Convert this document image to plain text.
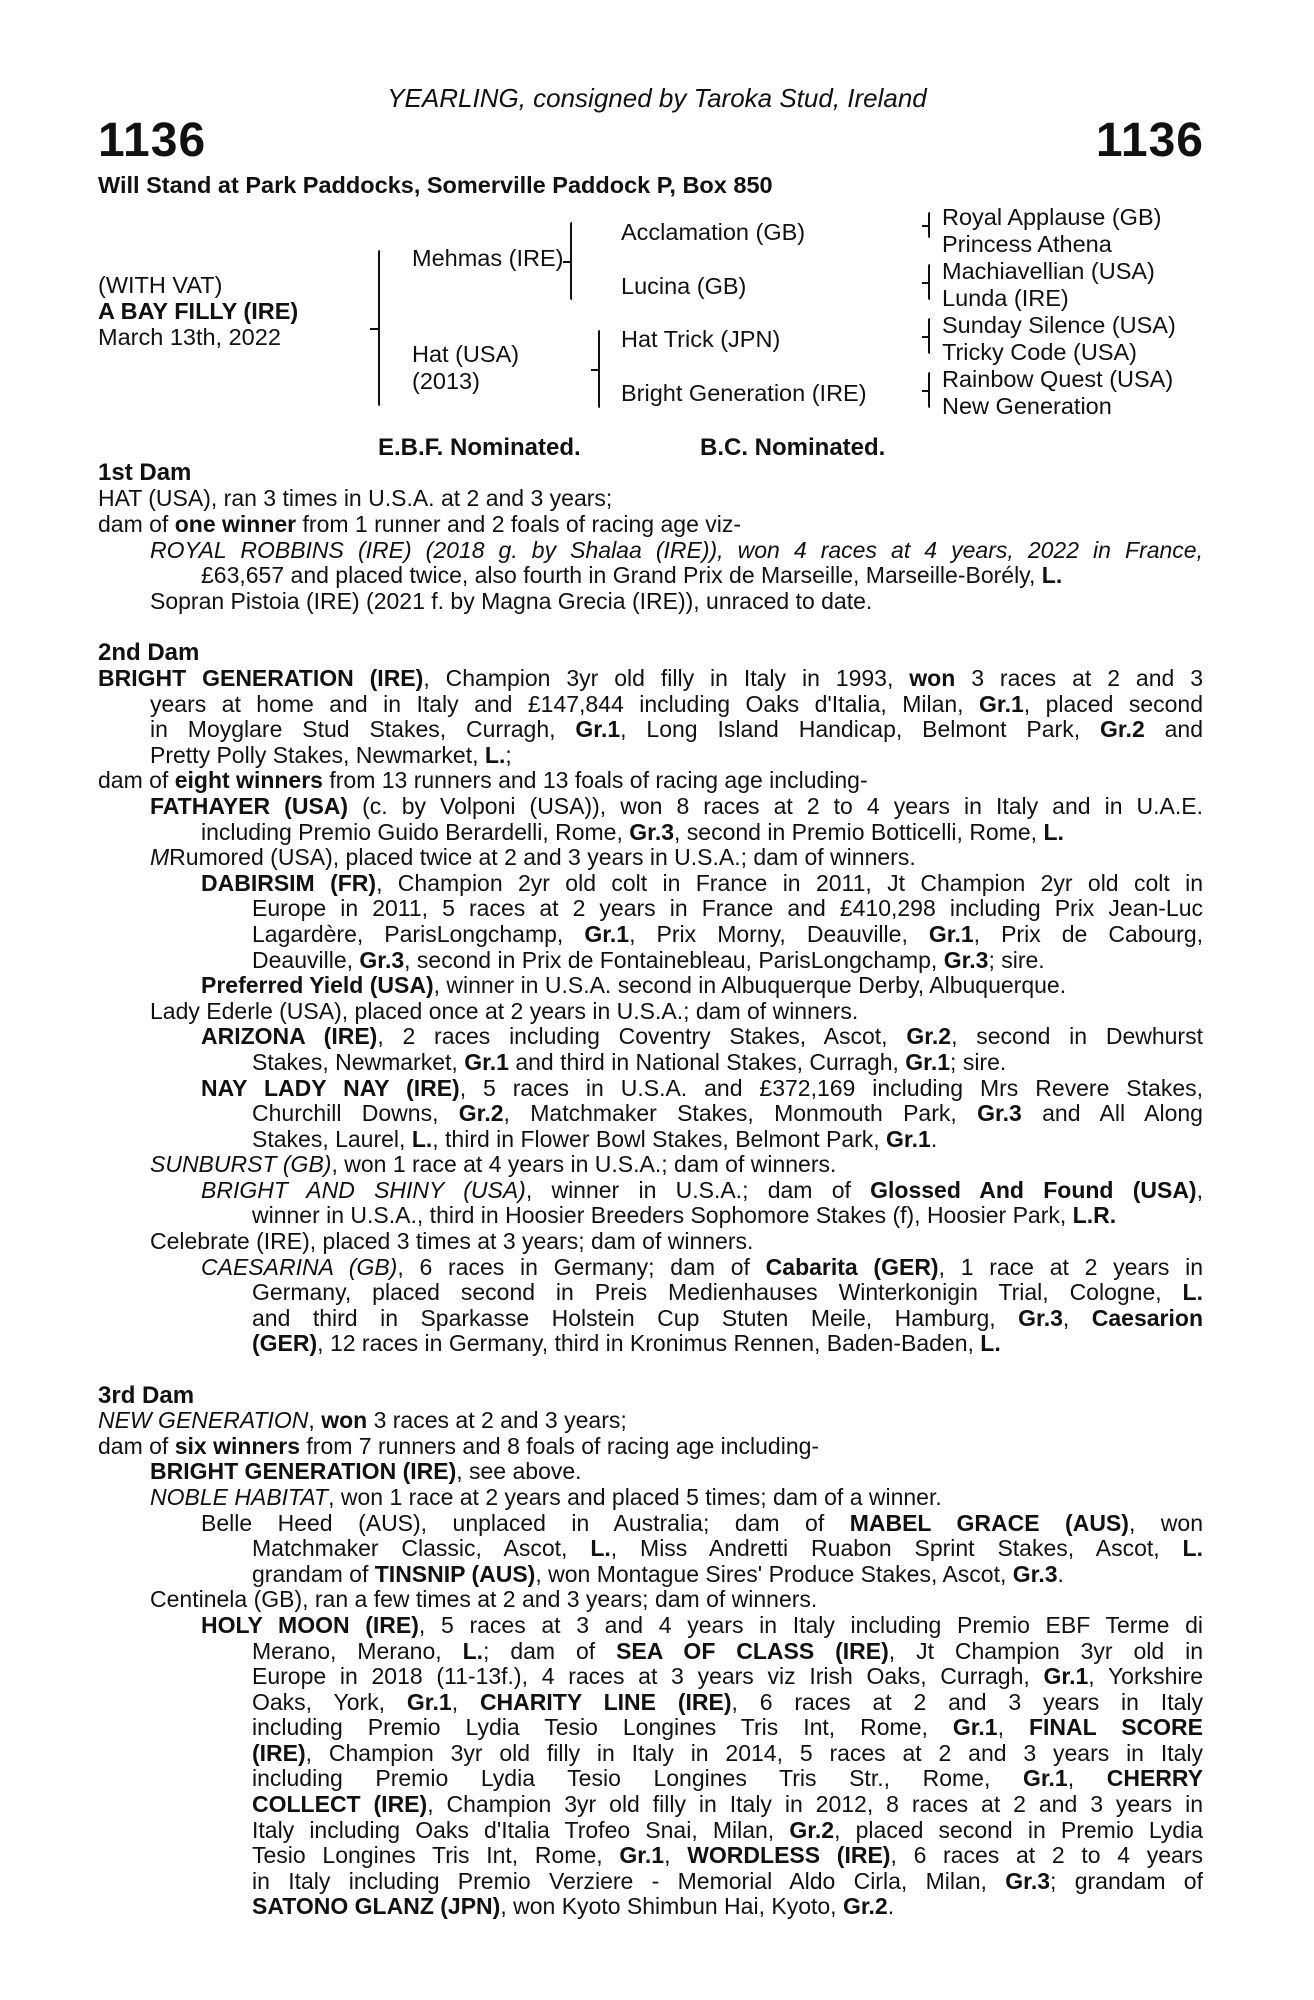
YEARLING, consigned by Taroka Stud, Ireland
1136	1136
Will Stand at Park Paddocks, Somerville Paddock P, Box 850
(WITH VAT)
A BAY FILLY (IRE)
March 13th, 2022
Mehmas (IRE)
Hat (USA)
(2013)
Acclamation (GB)
Lucina (GB)
Hat Trick (JPN)
Bright Generation (IRE)
Royal Applause (GB)
Princess Athena
Machiavellian (USA)
Lunda (IRE)
Sunday Silence (USA)
Tricky Code (USA)
Rainbow Quest (USA)
New Generation
E.B.F. Nominated.	B.C. Nominated.
1st Dam
HAT (USA), ran 3 times in U.S.A. at 2 and 3 years;
dam of one winner from 1 runner and 2 foals of racing age viz-
ROYAL ROBBINS (IRE) (2018 g. by Shalaa (IRE)), won 4 races at 4 years, 2022 in France,
£63,657 and placed twice, also fourth in Grand Prix de Marseille, Marseille-Borély, L.
Sopran Pistoia (IRE) (2021 f. by Magna Grecia (IRE)), unraced to date.
2nd Dam
BRIGHT GENERATION (IRE), Champion 3yr old filly in Italy in 1993, won 3 races at 2 and 3
years at home and in Italy and £147,844 including Oaks d'Italia, Milan, Gr.1, placed second
in Moyglare Stud Stakes, Curragh, Gr.1, Long Island Handicap, Belmont Park, Gr.2 and
Pretty Polly Stakes, Newmarket, L.;
dam of eight winners from 13 runners and 13 foals of racing age including-
FATHAYER (USA) (c. by Volponi (USA)), won 8 races at 2 to 4 years in Italy and in U.A.E.
including Premio Guido Berardelli, Rome, Gr.3, second in Premio Botticelli, Rome, L.
MRumored (USA), placed twice at 2 and 3 years in U.S.A.; dam of winners.
DABIRSIM (FR), Champion 2yr old colt in France in 2011, Jt Champion 2yr old colt in
Europe in 2011, 5 races at 2 years in France and £410,298 including Prix Jean-Luc
Lagardère, ParisLongchamp, Gr.1, Prix Morny, Deauville, Gr.1, Prix de Cabourg,
Deauville, Gr.3, second in Prix de Fontainebleau, ParisLongchamp, Gr.3; sire.
Preferred Yield (USA), winner in U.S.A. second in Albuquerque Derby, Albuquerque.
Lady Ederle (USA), placed once at 2 years in U.S.A.; dam of winners.
ARIZONA (IRE), 2 races including Coventry Stakes, Ascot, Gr.2, second in Dewhurst
Stakes, Newmarket, Gr.1 and third in National Stakes, Curragh, Gr.1; sire.
NAY LADY NAY (IRE), 5 races in U.S.A. and £372,169 including Mrs Revere Stakes,
Churchill Downs, Gr.2, Matchmaker Stakes, Monmouth Park, Gr.3 and All Along
Stakes, Laurel, L., third in Flower Bowl Stakes, Belmont Park, Gr.1.
SUNBURST (GB), won 1 race at 4 years in U.S.A.; dam of winners.
BRIGHT AND SHINY (USA), winner in U.S.A.; dam of Glossed And Found (USA),
winner in U.S.A., third in Hoosier Breeders Sophomore Stakes (f), Hoosier Park, L.R.
Celebrate (IRE), placed 3 times at 3 years; dam of winners.
CAESARINA (GB), 6 races in Germany; dam of Cabarita (GER), 1 race at 2 years in
Germany, placed second in Preis Medienhauses Winterkonigin Trial, Cologne, L.
and third in Sparkasse Holstein Cup Stuten Meile, Hamburg, Gr.3, Caesarion
(GER), 12 races in Germany, third in Kronimus Rennen, Baden-Baden, L.
3rd Dam
NEW GENERATION, won 3 races at 2 and 3 years;
dam of six winners from 7 runners and 8 foals of racing age including-
BRIGHT GENERATION (IRE), see above.
NOBLE HABITAT, won 1 race at 2 years and placed 5 times; dam of a winner.
Belle Heed (AUS), unplaced in Australia; dam of MABEL GRACE (AUS), won
Matchmaker Classic, Ascot, L., Miss Andretti Ruabon Sprint Stakes, Ascot, L.
grandam of TINSNIP (AUS), won Montague Sires' Produce Stakes, Ascot, Gr.3.
Centinela (GB), ran a few times at 2 and 3 years; dam of winners.
HOLY MOON (IRE), 5 races at 3 and 4 years in Italy including Premio EBF Terme di
Merano, Merano, L.; dam of SEA OF CLASS (IRE), Jt Champion 3yr old in
Europe in 2018 (11-13f.), 4 races at 3 years viz Irish Oaks, Curragh, Gr.1, Yorkshire
Oaks, York, Gr.1, CHARITY LINE (IRE), 6 races at 2 and 3 years in Italy
including Premio Lydia Tesio Longines Tris Int, Rome, Gr.1, FINAL SCORE
(IRE), Champion 3yr old filly in Italy in 2014, 5 races at 2 and 3 years in Italy
including Premio Lydia Tesio Longines Tris Str., Rome, Gr.1, CHERRY
COLLECT (IRE), Champion 3yr old filly in Italy in 2012, 8 races at 2 and 3 years in
Italy including Oaks d'Italia Trofeo Snai, Milan, Gr.2, placed second in Premio Lydia
Tesio Longines Tris Int, Rome, Gr.1, WORDLESS (IRE), 6 races at 2 to 4 years
in Italy including Premio Verziere - Memorial Aldo Cirla, Milan, Gr.3; grandam of
SATONO GLANZ (JPN), won Kyoto Shimbun Hai, Kyoto, Gr.2.
